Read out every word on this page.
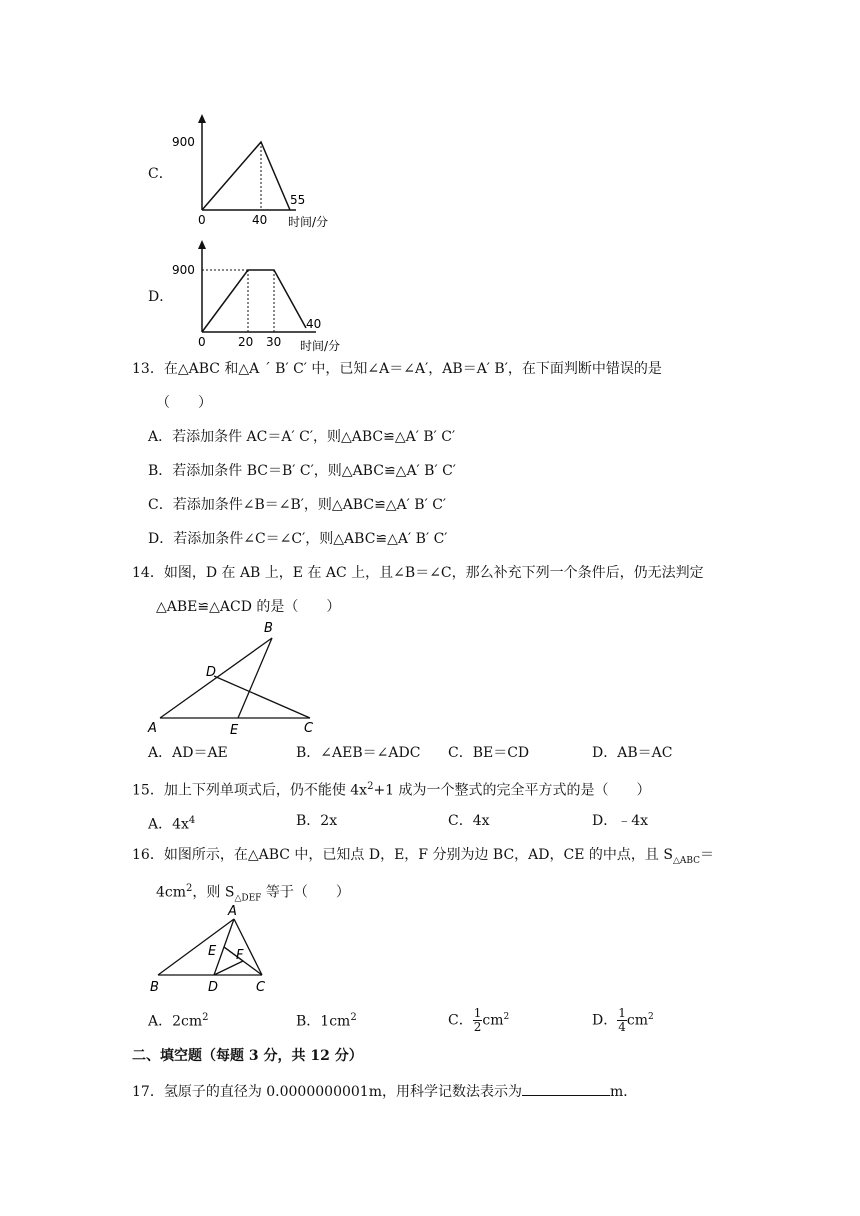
C．
900
0	40
55
时间/分
D．
900
0	20 30
40
时间/分
13．在△ABC 和△A ´ B′ C′ 中，已知∠A＝∠A′，AB＝A′ B′，在下面判断中错误的是
（　　）
A．若添加条件 AC＝A′ C′，则△ABC≌△A′ B′ C′
B．若添加条件 BC＝B′ C′，则△ABC≌△A′ B′ C′
C．若添加条件∠B＝∠B′，则△ABC≌△A′ B′ C′
D．若添加条件∠C＝∠C′，则△ABC≌△A′ B′ C′
14．如图，D 在 AB 上，E 在 AC 上，且∠B＝∠C，那么补充下列一个条件后，仍无法判定
△ABE≌△ACD 的是（　　）
A
B
C
D
E
A．AD＝AE	B．∠AEB＝∠ADC C．BE＝CD	D．AB＝AC
15．加上下列单项式后，仍不能使 $4x^2+1$ 成为一个整式的完全平方式的是（　　）
A．$4x^4$	B．2x	C．4x	D．﹣4x
16．如图所示，在△ABC 中，已知点 D，E，F 分别为边 BC，AD，CE 的中点，且 $S_{\triangle ABC}=$
$4cm^2$，则 $S_{\triangle DEF}$ 等于（　　）
A
B	C
D
E F
A．$2cm^2$	B．$1cm^2$	C． $\frac{1}{2} cm^2$	D． $\frac{1}{4} cm^2$
二、填空题（每题 3 分，共 12 分）
17．氢原子的直径为 0.0000000001m，用科学记数法表示为	m．
